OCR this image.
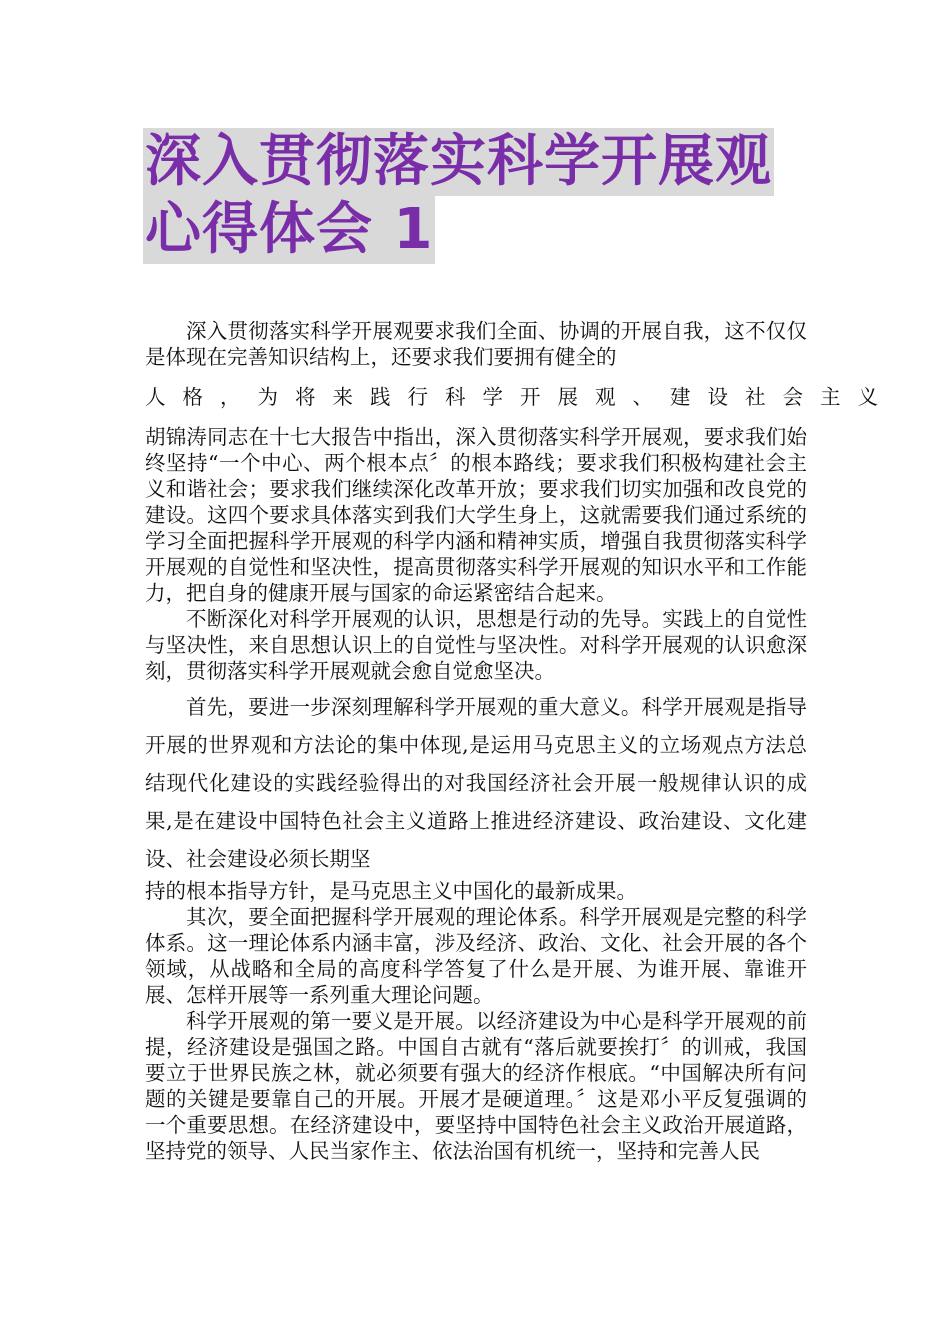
深入贯彻落实科学开展观
心得体会 1

深入贯彻落实科学开展观要求我们全面、协调的开展自我，这不仅仅是体现在完善知识结构上，还要求我们要拥有健全的

人格，为将来践行科学开展观、建设社会主义

胡锦涛同志在十七大报告中指出，深入贯彻落实科学开展观，要求我们始终坚持“一个中心、两个根本点〞的根本路线；要求我们积极构建社会主义和谐社会；要求我们继续深化改革开放；要求我们切实加强和改良党的建设。这四个要求具体落实到我们大学生身上，这就需要我们通过系统的学习全面把握科学开展观的科学内涵和精神实质，增强自我贯彻落实科学开展观的自觉性和坚决性，提高贯彻落实科学开展观的知识水平和工作能力，把自身的健康开展与国家的命运紧密结合起来。

不断深化对科学开展观的认识，思想是行动的先导。实践上的自觉性与坚决性，来自思想认识上的自觉性与坚决性。对科学开展观的认识愈深刻，贯彻落实科学开展观就会愈自觉愈坚决。

首先，要进一步深刻理解科学开展观的重大意义。科学开展观是指导开展的世界观和方法论的集中体现,是运用马克思主义的立场观点方法总结现代化建设的实践经验得出的对我国经济社会开展一般规律认识的成果,是在建设中国特色社会主义道路上推进经济建设、政治建设、文化建设、社会建设必须长期坚

持的根本指导方针，是马克思主义中国化的最新成果。

其次，要全面把握科学开展观的理论体系。科学开展观是完整的科学体系。这一理论体系内涵丰富，涉及经济、政治、文化、社会开展的各个领域，从战略和全局的高度科学答复了什么是开展、为谁开展、靠谁开展、怎样开展等一系列重大理论问题。

科学开展观的第一要义是开展。以经济建设为中心是科学开展观的前提，经济建设是强国之路。中国自古就有“落后就要挨打〞的训戒，我国要立于世界民族之林，就必须要有强大的经济作根底。“中国解决所有问题的关键是要靠自己的开展。开展才是硬道理。〞这是邓小平反复强调的一个重要思想。在经济建设中，要坚持中国特色社会主义政治开展道路，坚持党的领导、人民当家作主、依法治国有机统一，坚持和完善人民
